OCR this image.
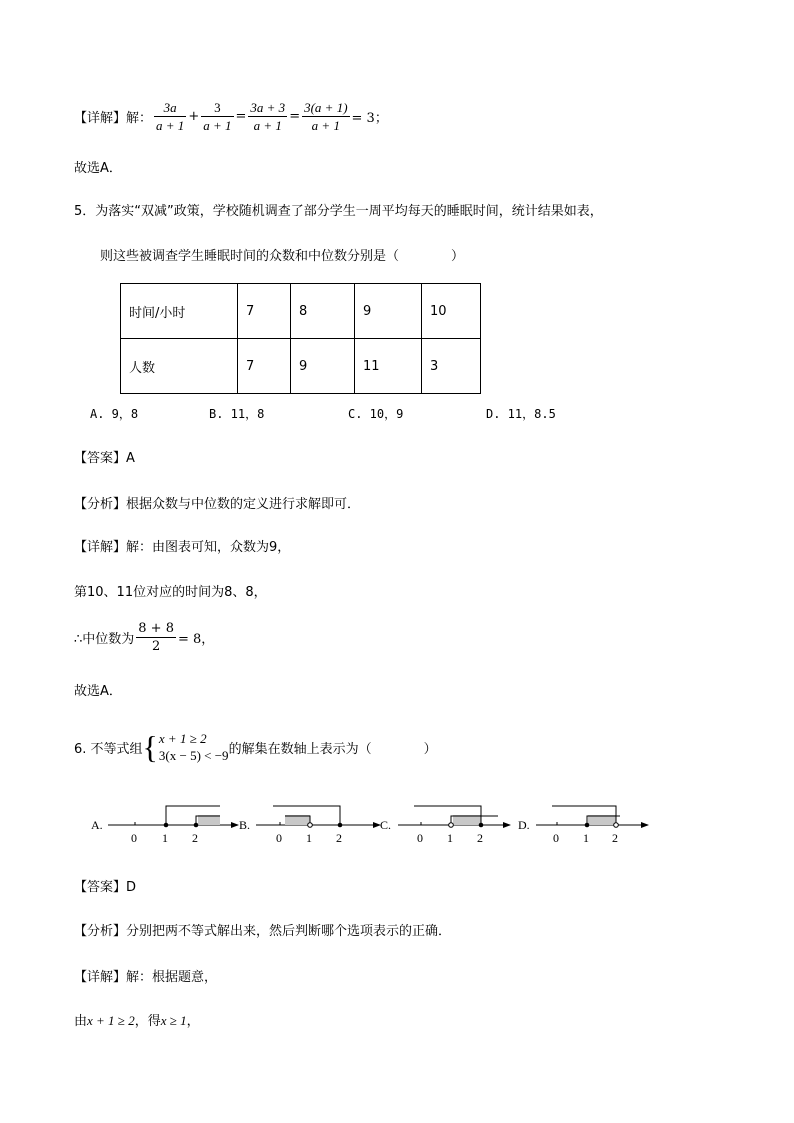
【详解】 解： $\frac{3a}{a + 1} + \frac{3}{a + 1} = \frac{3a + 3}{a + 1} = \frac{3(a + 1)}{a + 1} = 3$；
故选A．
5．为落实“双减”政策，学校随机调查了部分学生一周平均每天的睡眠时间，统计结果如表，
则这些被调查学生睡眠时间的众数和中位数分别是（　　　　）
时间/小时	7	8	9	10
人数	7	9	11	3
A. 9，8	B. 11，8	C. 10，9	D. 11，8.5
【答案】A
【分析】根据众数与中位数的定义进行求解即可．
【详解】解：由图表可知，众数为9，
第10、11位对应的时间为8、8，
∴中位数为 $\frac{8 + 8}{2} = 8$，
故选A．
6. 不等式组 { x + 1 ≥ 2
3(x − 5) < −9 的解集在数轴上表示为（　　　　）
A.
0 1 2
B.
0 1 2
C.
0 1 2
D.
0 1 2
【答案】D
【分析】分别把两不等式解出来，然后判断哪个选项表示的正确．
【详解】解：根据题意，
由x + 1 ≥ 2，得x ≥ 1，
